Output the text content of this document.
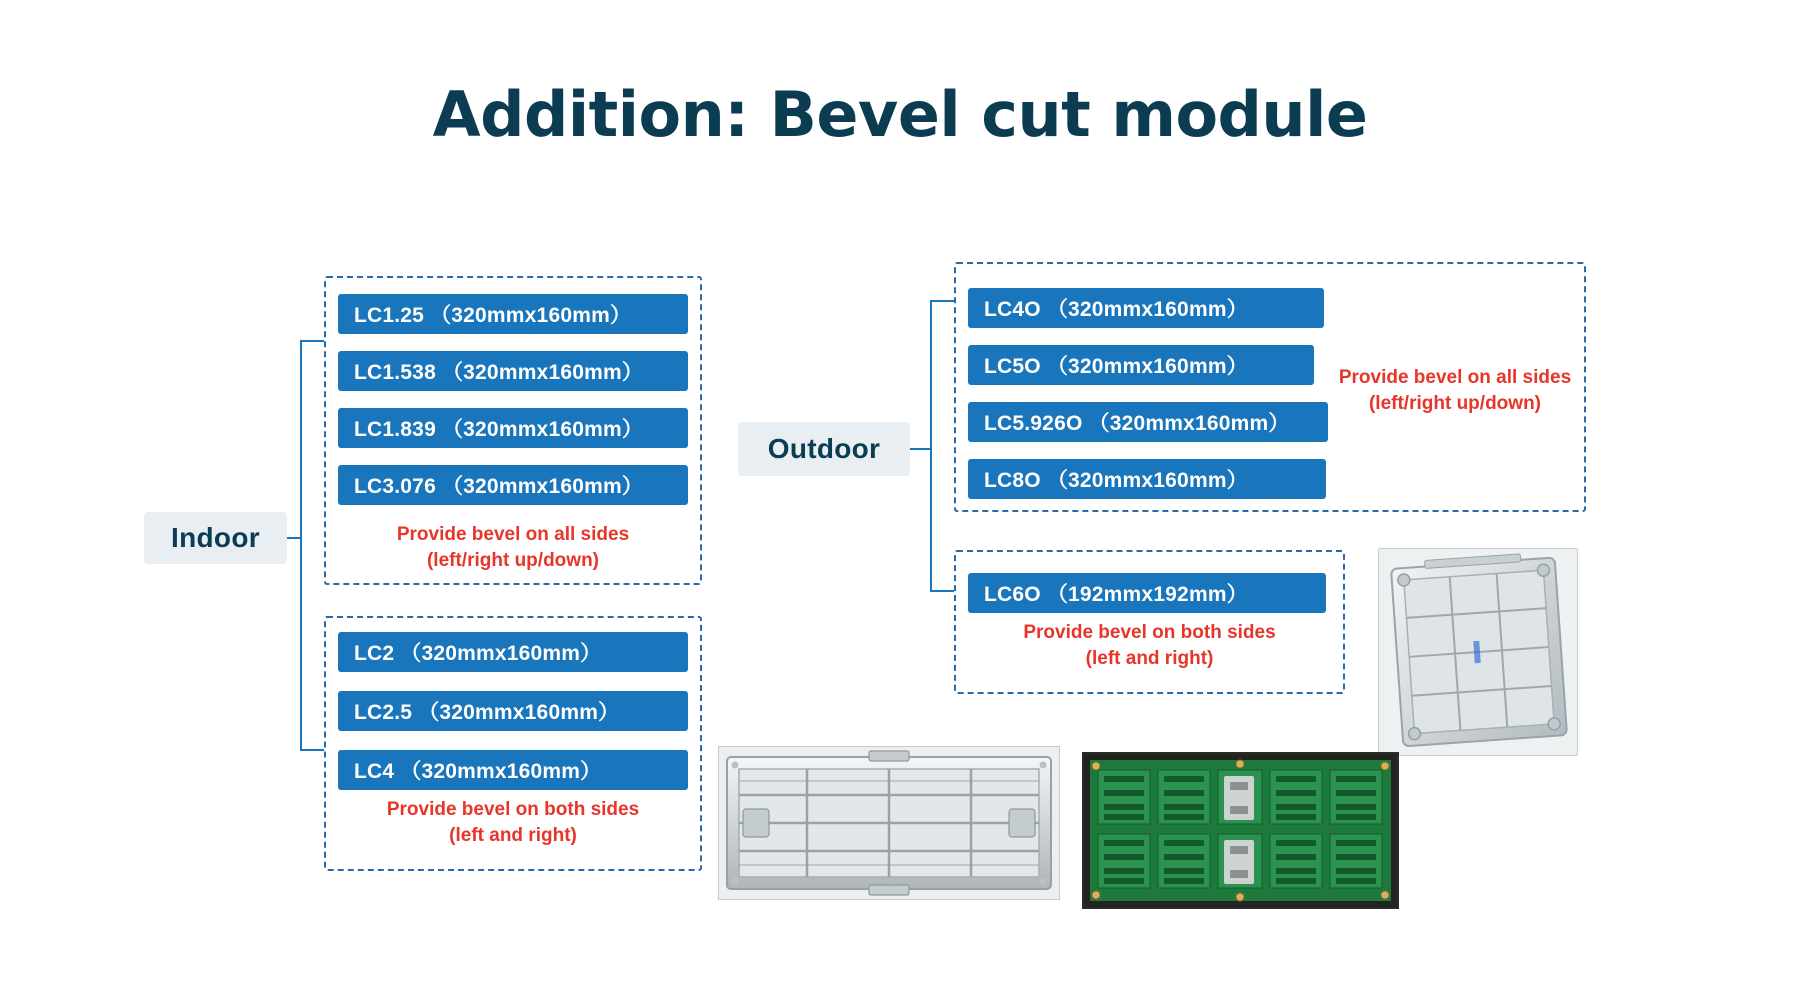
Addition: Bevel cut module
Indoor
LC1.25 （320mmx160mm）
LC1.538 （320mmx160mm）
LC1.839 （320mmx160mm）
LC3.076 （320mmx160mm）
Provide bevel on all sides
(left/right up/down)
LC2 （320mmx160mm）
LC2.5 （320mmx160mm）
LC4 （320mmx160mm）
Provide bevel on both sides
(left and right)
Outdoor
LC4O （320mmx160mm）
LC5O （320mmx160mm）
LC5.926O （320mmx160mm）
LC8O （320mmx160mm）
Provide bevel on all sides
(left/right up/down)
LC6O （192mmx192mm）
Provide bevel on both sides
(left and right)
